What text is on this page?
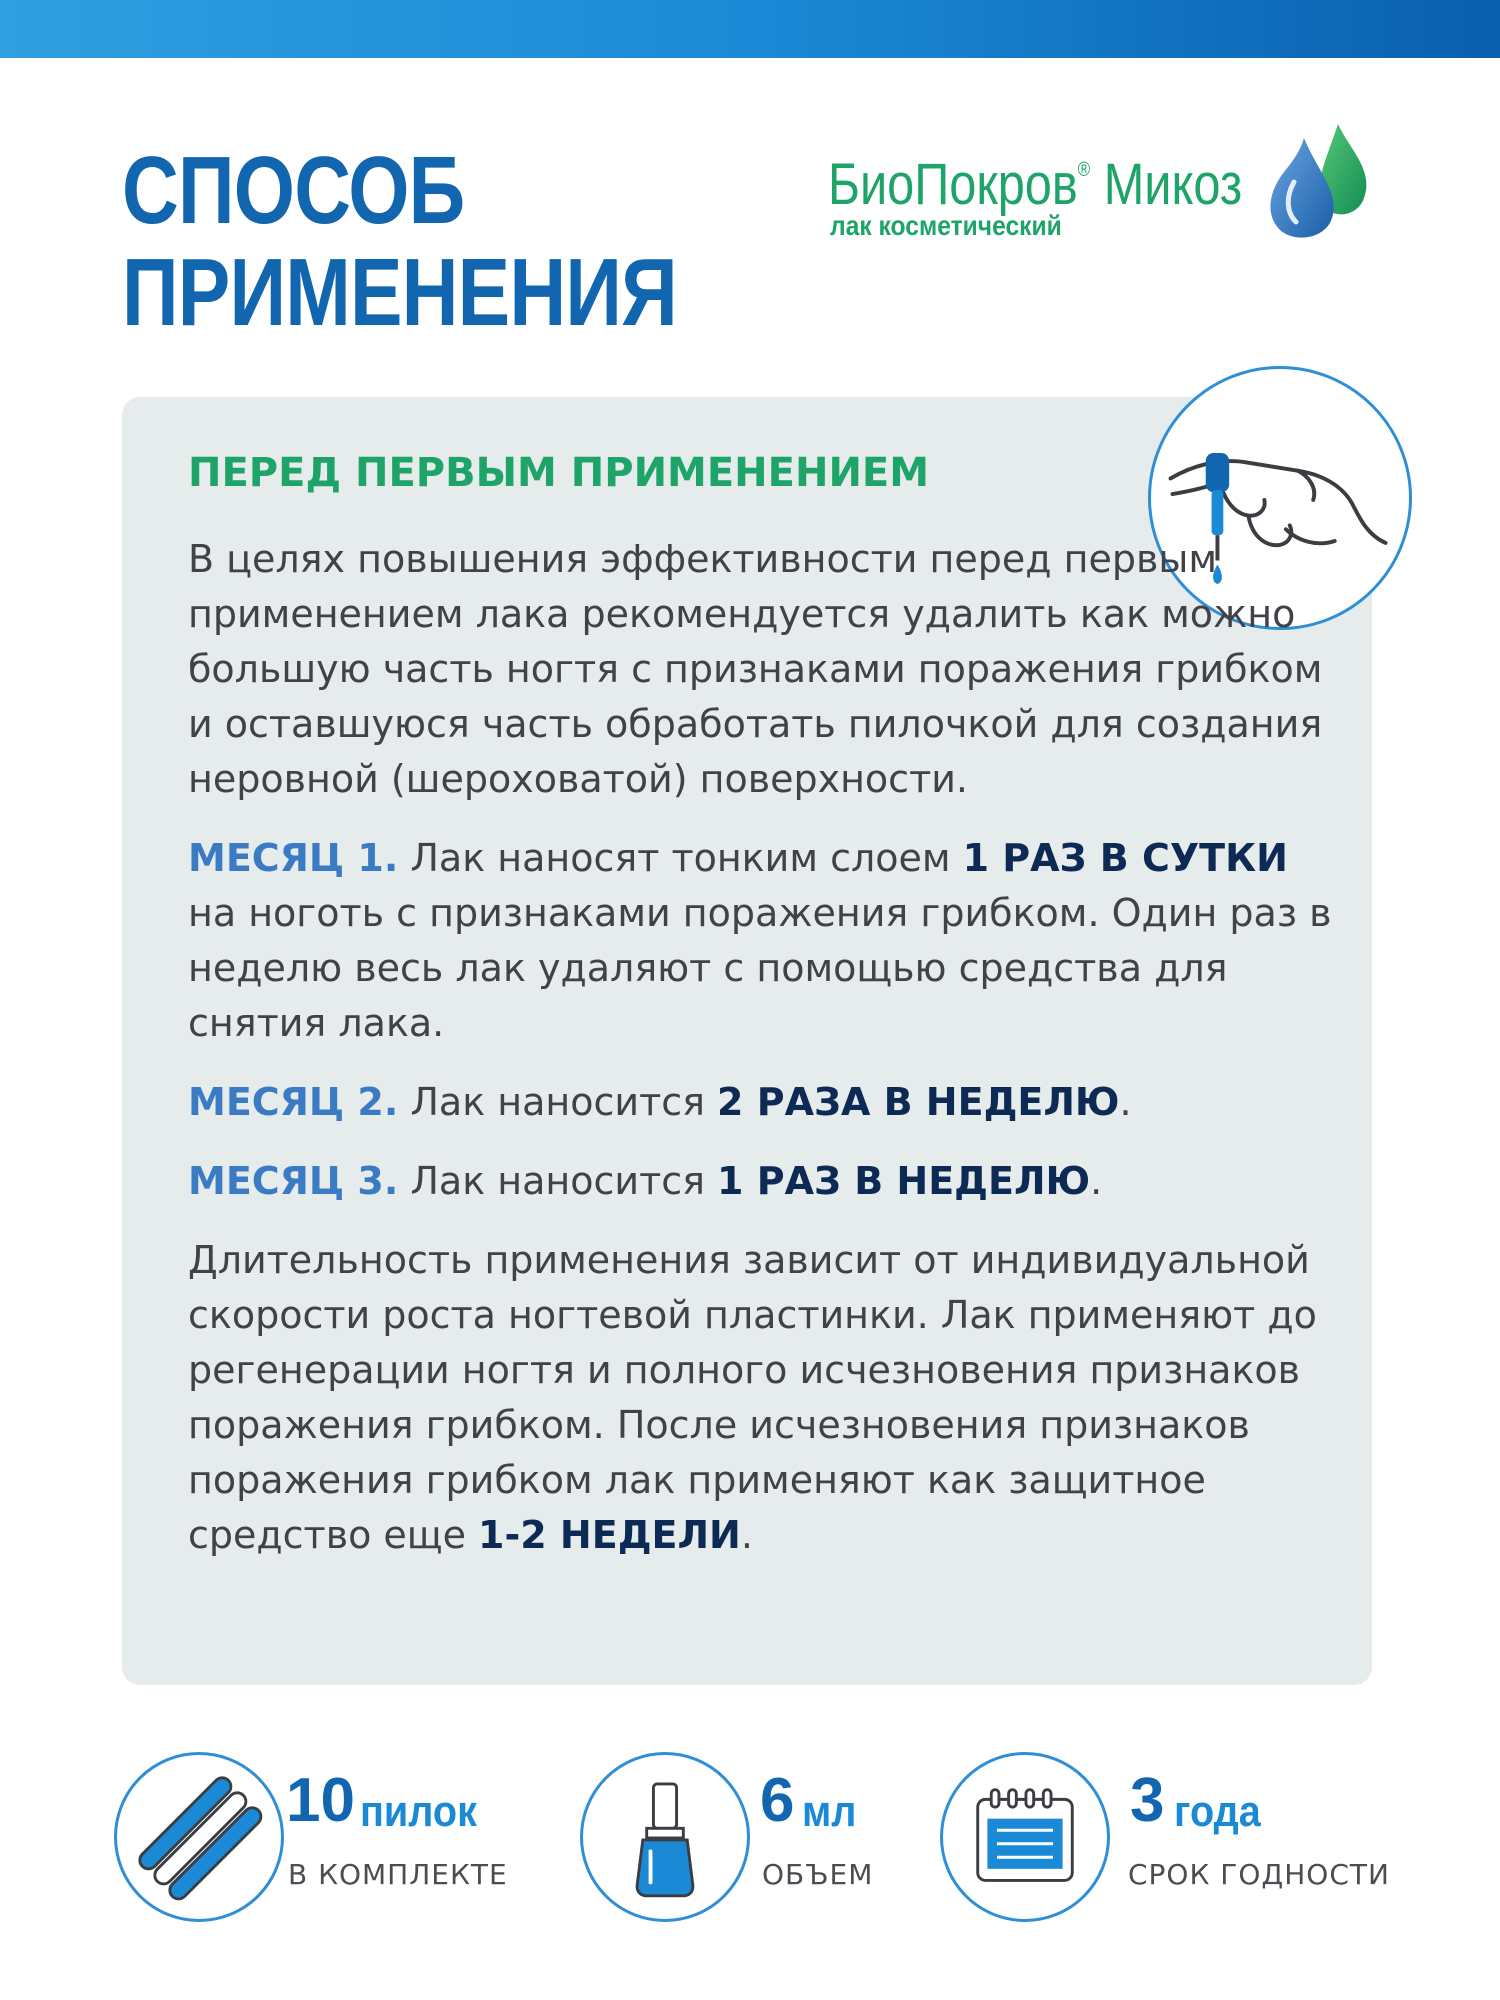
СПОСОБ
ПРИМЕНЕНИЯ
БиоПокров® Микоз
лак косметический

ПЕРЕД ПЕРВЫМ ПРИМЕНЕНИЕМ

В целях повышения эффективности перед первым применением лака рекомендуется удалить как можно большую часть ногтя с признаками поражения грибком и оставшуюся часть обработать пилочкой для создания неровной (шероховатой) поверхности.

МЕСЯЦ 1. Лак наносят тонким слоем 1 РАЗ В СУТКИ на ноготь с признаками поражения грибком. Один раз в неделю весь лак удаляют с помощью средства для снятия лака.

МЕСЯЦ 2. Лак наносится 2 РАЗА В НЕДЕЛЮ.

МЕСЯЦ 3. Лак наносится 1 РАЗ В НЕДЕЛЮ.

Длительность применения зависит от индивидуальной скорости роста ногтевой пластинки. Лак применяют до регенерации ногтя и полного исчезновения признаков поражения грибком. После исчезновения признаков поражения грибком лак применяют как защитное средство еще 1-2 НЕДЕЛИ.

10 пилок
В КОМПЛЕКТЕ
6 мл
ОБЪЕМ
3 года
СРОК ГОДНОСТИ
